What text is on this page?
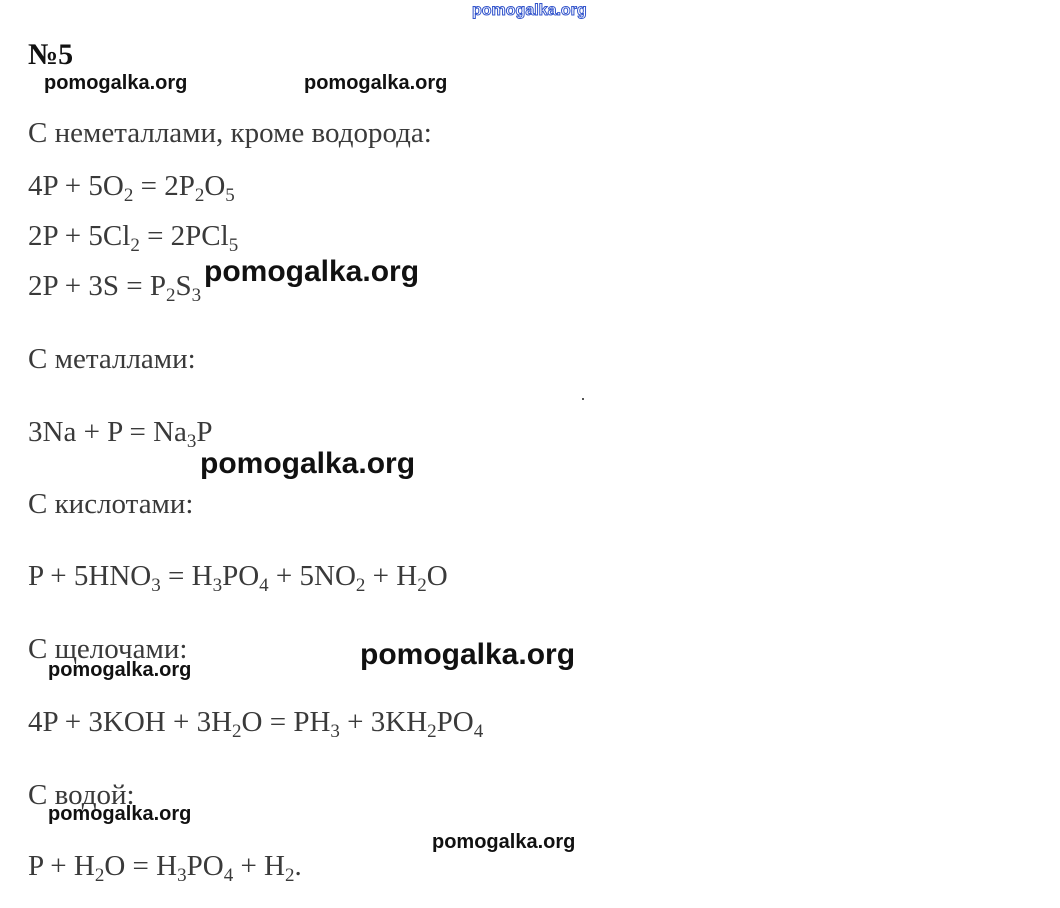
pomogalka.org
№5
pomogalka.org	pomogalka.org
С неметаллами, кроме водорода:
$4P + 5O_2 = 2P_2O_5$
$2P + 5Cl_2 = 2PCl_5$
$2P + 3S = P_2S_3$
pomogalka.org
С металлами:
$3Na + P = Na_3P$
pomogalka.org
С кислотами:
$P + 5HNO_3 = H_3PO_4 + 5NO_2 + H_2O$
С щелочами:	pomogalka.org
pomogalka.org
$4P + 3KOH + 3H_2O = PH_3 + 3KH_2PO_4$
С водой:
pomogalka.org
pomogalka.org
$P + H_2O = H_3PO_4 + H_2$.
